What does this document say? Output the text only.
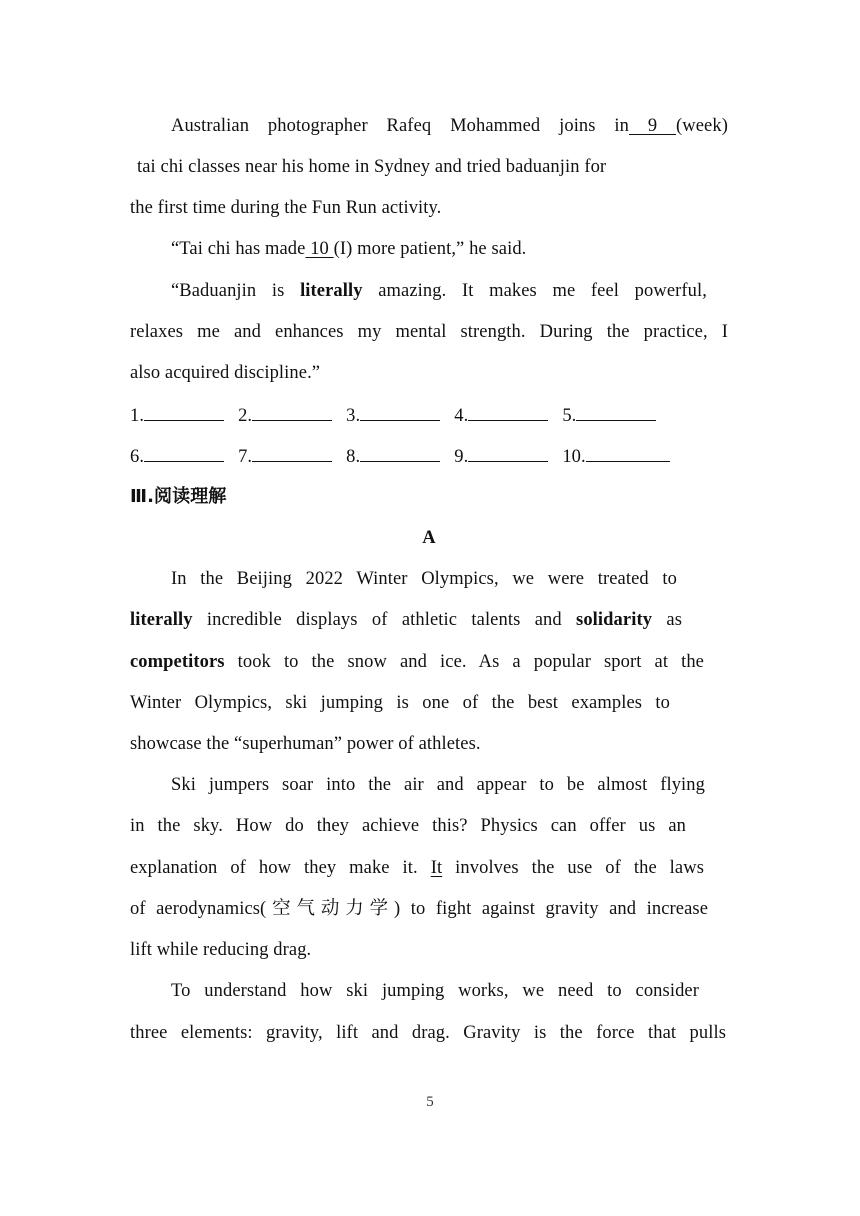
Australian photographer Rafeq Mohammed joins in 9 (week)
tai chi classes near his home in Sydney and tried baduanjin for
the first time during the Fun Run activity.
“Tai chi has made 10 (I) more patient,” he said.
“Baduanjin is literally amazing. It makes me feel powerful,
relaxes me and enhances my mental strength. During the practice, I
also acquired discipline.”
1.	2.	3.	4.	5.
6.	7.	8.	9.	10.
Ⅲ.阅读理解
A
In the Beijing 2022 Winter Olympics, we were treated to
literally incredible displays of athletic talents and solidarity as
competitors took to the snow and ice. As a popular sport at the
Winter Olympics, ski jumping is one of the best examples to
showcase the “superhuman” power of athletes.
Ski jumpers soar into the air and appear to be almost flying
in the sky. How do they achieve this? Physics can offer us an
explanation of how they make it. It involves the use of the laws
of aerodynamics(空气动力学) to fight against gravity and increase
lift while reducing drag.
To understand how ski jumping works, we need to consider
three elements: gravity, lift and drag. Gravity is the force that pulls
5
